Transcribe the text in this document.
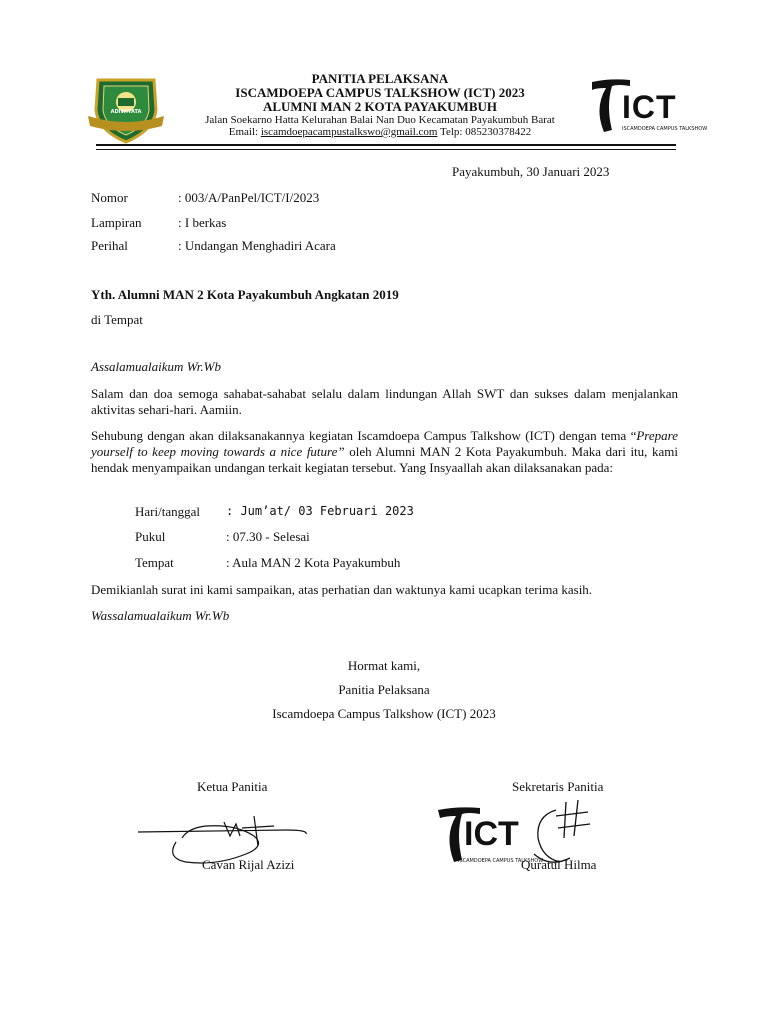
ADIWIYATA
PANITIA PELAKSANA
ISCAMDOEPA CAMPUS TALKSHOW (ICT) 2023
ALUMNI MAN 2 KOTA PAYAKUMBUH
Jalan Soekarno Hatta Kelurahan Balai Nan Duo Kecamatan Payakumbuh Barat
Email: iscamdoepacampustalkswo@gmail.com Telp: 085230378422
ICT
ISCAMDOEPA CAMPUS TALKSHOW
Payakumbuh, 30 Januari 2023
Nomor	: 003/A/PanPel/ICT/I/2023
Lampiran	: I berkas
Perihal	: Undangan Menghadiri Acara
Yth. Alumni MAN 2 Kota Payakumbuh Angkatan 2019
di Tempat
Assalamualaikum Wr.Wb
Salam dan doa semoga sahabat-sahabat selalu dalam lindungan Allah SWT dan sukses dalam menjalankan aktivitas sehari-hari. Aamiin.
Sehubung dengan akan dilaksanakannya kegiatan Iscamdoepa Campus Talkshow (ICT) dengan tema “Prepare yourself to keep moving towards a nice future” oleh Alumni MAN 2 Kota Payakumbuh. Maka dari itu, kami hendak menyampaikan undangan terkait kegiatan tersebut. Yang Insyaallah akan dilaksanakan pada:
Hari/tanggal : Jum’at/ 03 Februari 2023
Pukul	: 07.30 - Selesai
Tempat	: Aula MAN 2 Kota Payakumbuh
Demikianlah surat ini kami sampaikan, atas perhatian dan waktunya kami ucapkan terima kasih.
Wassalamualaikum Wr.Wb
Hormat kami,
Panitia Pelaksana
Iscamdoepa Campus Talkshow (ICT) 2023
Ketua Panitia	Sekretaris Panitia
Cavan Rijal Azizi
ICT
ISCAMDOEPA CAMPUS TALKSHOW
Quratul Hilma
